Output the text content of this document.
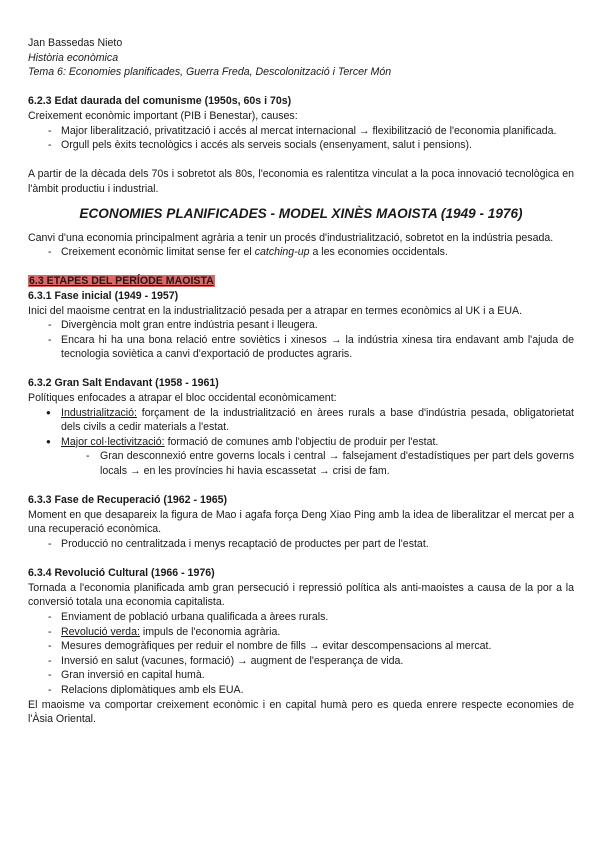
Jan Bassedas Nieto

Història econòmica

Tema 6: Economies planificades, Guerra Freda, Descolonització i Tercer Món

6.2.3 Edat daurada del comunisme (1950s, 60s i 70s)

Creixement econòmic important (PIB i Benestar), causes:

- Major liberalització, privatització i accés al mercat internacional → flexibilització de l'economia planificada.
- Orgull pels èxits tecnològics i accés als serveis socials (ensenyament, salut i pensions).

A partir de la dècada dels 70s i sobretot als 80s, l'economia es ralentitza vinculat a la poca innovació tecnològica en l'àmbit productiu i industrial.

ECONOMIES PLANIFICADES - MODEL XINÈS MAOISTA (1949 - 1976)

Canvi d'una economia principalment agrària a tenir un procés d'industrialització, sobretot en la indústria pesada.

- Creixement econòmic limitat sense fer el catching-up a les economies occidentals.

6.3 ETAPES DEL PERÍODE MAOISTA

6.3.1 Fase inicial (1949 - 1957)

Inici del maoisme centrat en la industrialització pesada per a atrapar en termes econòmics al UK i a EUA.

- Divergència molt gran entre indústria pesant i lleugera.
- Encara hi ha una bona relació entre soviètics i xinesos → la indústria xinesa tira endavant amb l'ajuda de tecnologia soviètica a canvi d'exportació de productes agraris.

6.3.2 Gran Salt Endavant (1958 - 1961)

Polítiques enfocades a atrapar el bloc occidental econòmicament:

● Industrialització: forçament de la industrialització en àrees rurals a base d'indústria pesada, obligatorietat dels civils a cedir materials a l'estat.
● Major col·lectivització: formació de comunes amb l'objectiu de produir per l'estat.
- Gran desconnexió entre governs locals i central → falsejament d'estadístiques per part dels governs locals → en les províncies hi havia escassetat → crisi de fam.

6.3.3 Fase de Recuperació (1962 - 1965)

Moment en que desapareix la figura de Mao i agafa força Deng Xiao Ping amb la idea de liberalitzar el mercat per a una recuperació econòmica.

- Producció no centralitzada i menys recaptació de productes per part de l'estat.

6.3.4 Revolució Cultural (1966 - 1976)

Tornada a l'economia planificada amb gran persecució i repressió política als anti-maoistes a causa de la por a la conversió totala una economia capitalista.

- Enviament de població urbana qualificada a àrees rurals.
- Revolució verda: impuls de l'economia agrària.
- Mesures demogràfiques per reduir el nombre de fills → evitar descompensacions al mercat.
- Inversió en salut (vacunes, formació) → augment de l'esperança de vida.
- Gran inversió en capital humà.
- Relacions diplomàtiques amb els EUA.

El maoisme va comportar creixement econòmic i en capital humà pero es queda enrere respecte economies de l'Àsia Oriental.
